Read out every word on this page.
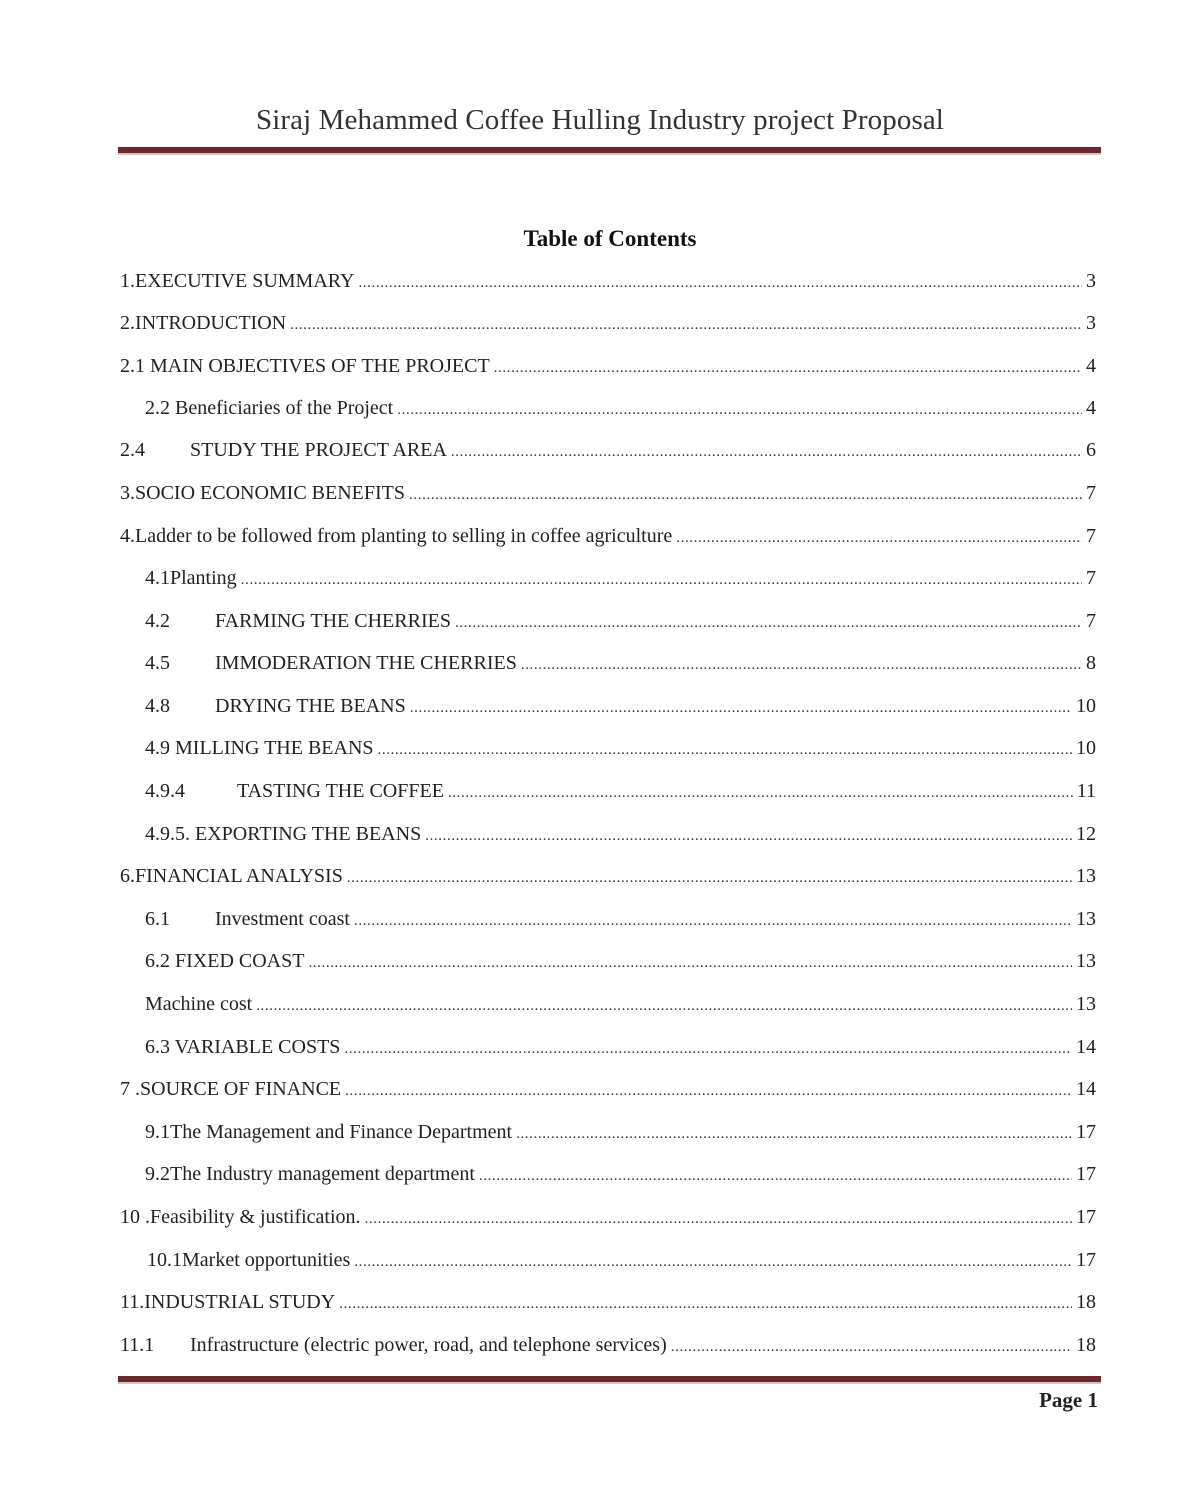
Siraj Mehammed Coffee Hulling Industry project Proposal
Table of Contents
1.EXECUTIVE SUMMARY .....	3
2.INTRODUCTION .....	3
2.1 MAIN OBJECTIVES OF THE PROJECT .....	4
2.2 Beneficiaries of the Project .....	4
2.4	STUDY THE PROJECT AREA .....	6
3.SOCIO ECONOMIC BENEFITS .....	7
4.Ladder to be followed from planting to selling in coffee agriculture .....	7
4.1Planting .....	7
4.2	FARMING THE CHERRIES .....	7
4.5	IMMODERATION THE CHERRIES .....	8
4.8	DRYING THE BEANS .....	10
4.9 MILLING THE BEANS .....	10
4.9.4	TASTING THE COFFEE .....	11
4.9.5. EXPORTING THE BEANS .....	12
6.FINANCIAL ANALYSIS .....	13
6.1	Investment coast .....	13
6.2 FIXED COAST .....	13
Machine cost .....	13
6.3 VARIABLE COSTS .....	14
7 .SOURCE OF FINANCE .....	14
9.1The Management and Finance Department .....	17
9.2The Industry management department .....	17
10 .Feasibility & justification. .....	17
10.1Market opportunities .....	17
11.INDUSTRIAL STUDY .....	18
11.1	Infrastructure (electric power, road, and telephone services) .....	18
Page 1
